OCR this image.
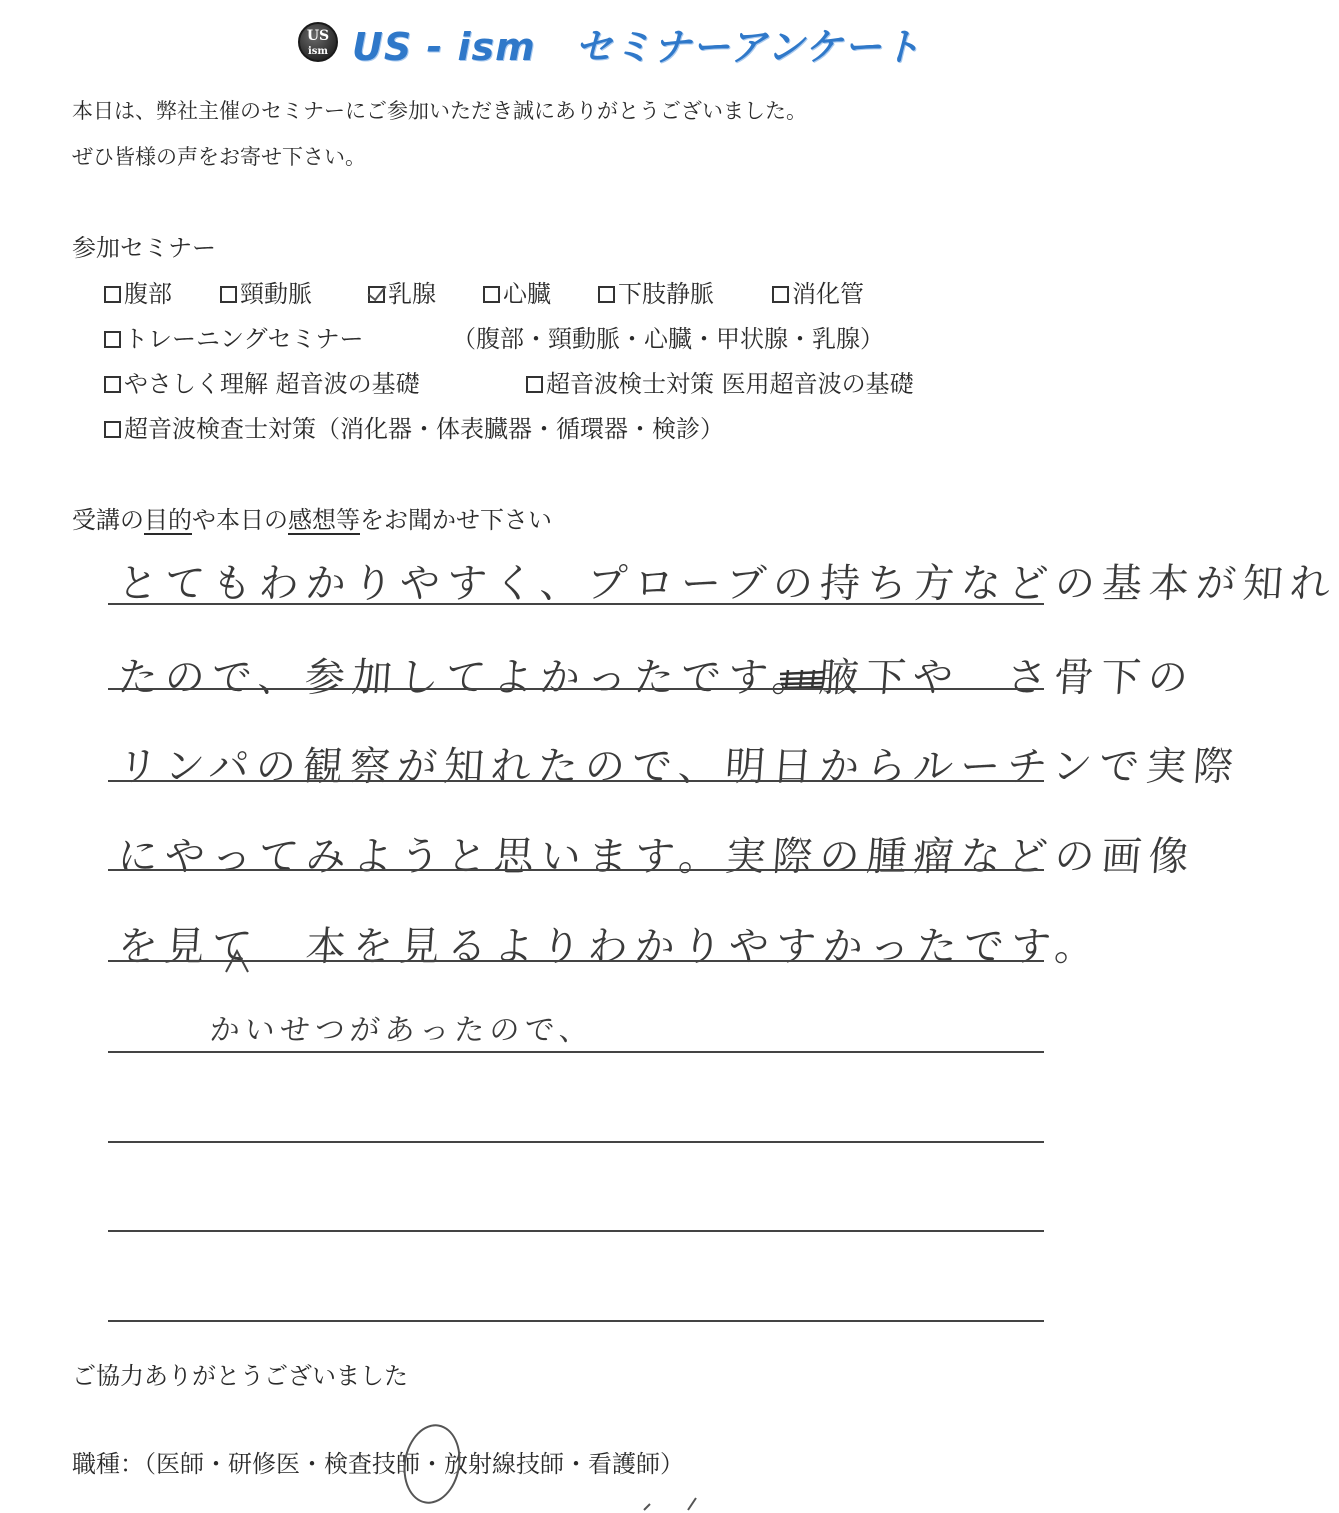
US
ism US - ism　セミナーアンケート
本日は、弊社主催のセミナーにご参加いただき誠にありがとうございました。
ぜひ皆様の声をお寄せ下さい。
参加セミナー
腹部	頸動脈	乳腺	心臓	下肢静脈	消化管
トレーニングセミナー	（腹部・頸動脈・心臓・甲状腺・乳腺）
やさしく理解 超音波の基礎	超音波検士対策 医用超音波の基礎
超音波検査士対策（消化器・体表臓器・循環器・検診）
受講の目的や本日の感想等をお聞かせ下さい
とてもわかりやすく、プローブの持ち方などの基本が知れ
たので、参加してよかったです。腋下や　さ骨下の
リンパの観察が知れたので、明日からルーチンで実際
にやってみようと思います。実際の腫瘤などの画像
を見て　本を見るよりわかりやすかったです。
かいせつがあったので、
ご協力ありがとうございました
職種：（医師・研修医・検査技師・放射線技師・看護師）
